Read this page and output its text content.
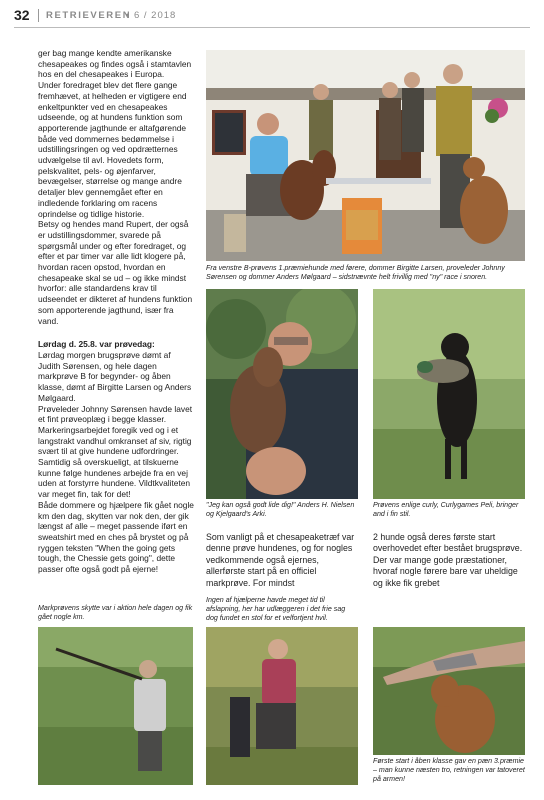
32 RETRIEVEREN
• 6 / 2018

ger bag mange kendte amerikanske chesapeakes og findes også i stamtavlen hos en del chesapeakes i Europa.

Under foredraget blev det flere gange fremhævet, at helheden er vigtigere end enkeltpunkter ved en chesapeakes udseende, og at hundens funktion som apporterende jagthunde er altafgørende både ved dommernes bedømmelse i udstillingsringen og ved opdrætternes udvælgelse til avl. Hovedets form, pelskvalitet, pels- og øjenfarver, bevægelser, størrelse og mange andre detaljer blev gennemgået efter en indledende forklaring om racens oprindelse og tidlige historie.

Betsy og hendes mand Rupert, der også er udstillingsdommer, svarede på spørgsmål under og efter foredraget, og efter et par timer var alle lidt klogere på, hvordan racen opstod, hvordan en chesapeake skal se ud – og ikke mindst hvorfor: alle standardens krav til udseendet er dikteret af hundens funktion som apporterende jagthund, især fra vand.

Lørdag d. 25.8. var prøvedag:

Lørdag morgen brugsprøve dømt af Judith Sørensen, og hele dagen markprøve B for begynder- og åben klasse, dømt af Birgitte Larsen og Anders Mølgaard.

Prøveleder Johnny Sørensen havde lavet et fint prøveoplæg i begge klasser. Markeringsarbejdet foregik ved og i et langstrakt vandhul omkranset af siv, rigtig svært til at give hundene udfordringer. Samtidig så overskueligt, at tilskuerne kunne følge hundenes arbejde fra en vej uden at forstyrre hundene. Vildtkvaliteten var meget fin, tak for det!

Både dommere og hjælpere fik gået nogle km den dag, skytten var nok den, der gik længst af alle – meget passende iført en sweatshirt med en ches på brystet og på ryggen teksten "When the going gets tough, the Chessie gets going", dette passer ofte også godt på ejerne!

Fra venstre B-prøvens 1.præmiehunde med førere, dommer Birgitte Larsen, proveleder Johnny Sørensen og dommer Anders Mølgaard – sidstnævnte helt frivillig med "ny" race i snoren.
"Jeg kan også godt lide dig!" Anders H. Nielsen og Kjelgaard's Arki.
Prøvens enlige curly, Curlygames Peli, bringer and i fin stil.
Som vanligt på et chesapeaketræf var denne prøve hundenes, og for nogles vedkommende også ejernes, allerførste start på en officiel markprøve. For mindst
2 hunde også deres første start overhovedet efter bestået brugsprøve. Der var mange gode præstationer, hvoraf nogle førere bare var uheldige og ikke fik grebet
Markprøvens skytte var i aktion hele dagen og fik gået nogle km.
Ingen af hjælperne havde meget tid til afslapning, her har udlæggeren i det frie sag dog fundet en stol for et velfortjent hvil.
Første start i åben klasse gav en pæn 3.præmie – man kunne næsten tro, retningen var tatoveret på armen!
